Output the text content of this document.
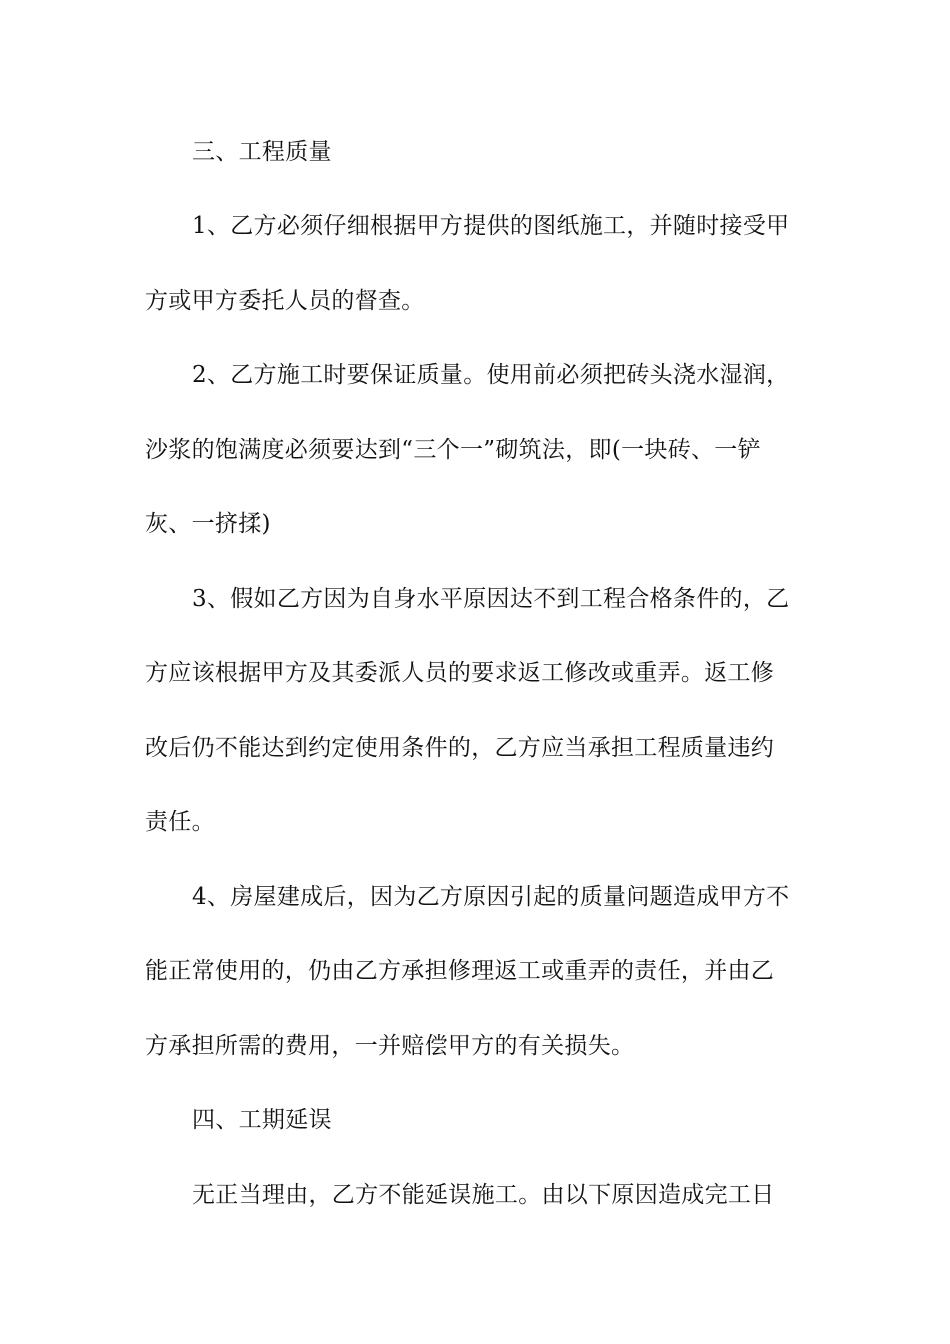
三、工程质量
1、乙方必须仔细根据甲方提供的图纸施工，并随时接受甲
方或甲方委托人员的督查。
2、乙方施工时要保证质量。使用前必须把砖头浇水湿润，
沙浆的饱满度必须要达到“三个一”砌筑法，即(一块砖、一铲
灰、一挤揉)
3、假如乙方因为自身水平原因达不到工程合格条件的，乙
方应该根据甲方及其委派人员的要求返工修改或重弄。返工修
改后仍不能达到约定使用条件的，乙方应当承担工程质量违约
责任。
4、房屋建成后，因为乙方原因引起的质量问题造成甲方不
能正常使用的，仍由乙方承担修理返工或重弄的责任，并由乙
方承担所需的费用，一并赔偿甲方的有关损失。
四、工期延误
无正当理由，乙方不能延误施工。由以下原因造成完工日
